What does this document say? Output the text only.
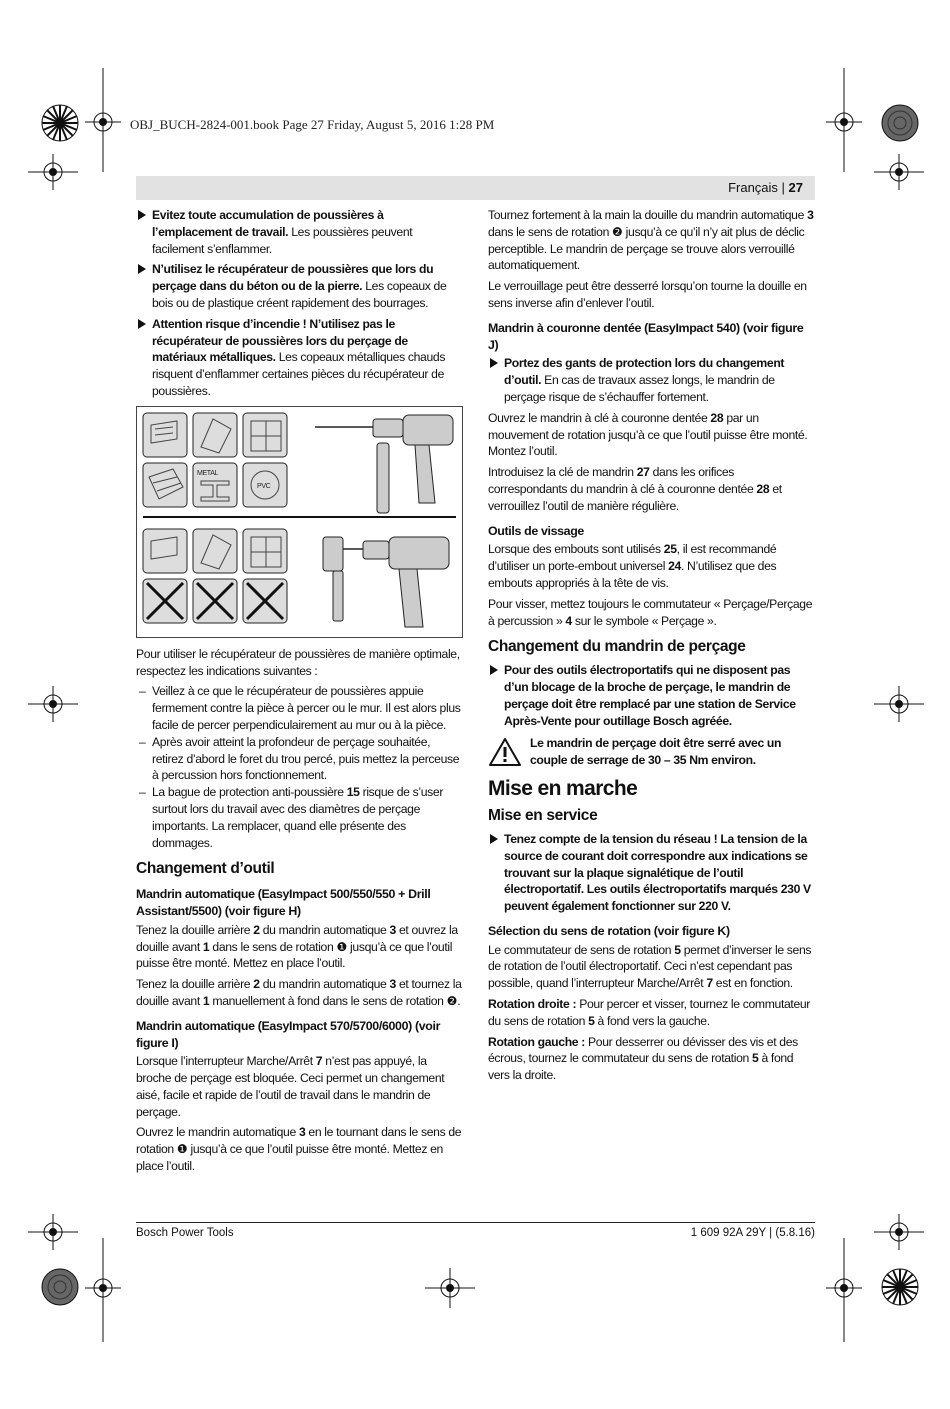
OBJ_BUCH-2824-001.book Page 27 Friday, August 5, 2016 1:28 PM
Français | 27
Evitez toute accumulation de poussières à l’emplacement de travail. Les poussières peuvent facilement s’enflammer.
N’utilisez le récupérateur de poussières que lors du perçage dans du béton ou de la pierre. Les copeaux de bois ou de plastique créent rapidement des bourrages.
Attention risque d’incendie ! N’utilisez pas le récupérateur de poussières lors du perçage de matériaux métalliques. Les copeaux métalliques chauds risquent d’enflammer certaines pièces du récupérateur de poussières.
METAL
PVC

Pour utiliser le récupérateur de poussières de manière optimale, respectez les indications suivantes :

– Veillez à ce que le récupérateur de poussières appuie fermement contre la pièce à percer ou le mur. Il est alors plus facile de percer perpendiculairement au mur ou à la pièce.
– Après avoir atteint la profondeur de perçage souhaitée, retirez d’abord le foret du trou percé, puis mettez la perceuse à percussion hors fonctionnement.
– La bague de protection anti-poussière 15 risque de s’user surtout lors du travail avec des diamètres de perçage importants. La remplacer, quand elle présente des dommages.
Changement d’outil
Mandrin automatique (EasyImpact 500/550/550 + Drill Assistant/5500) (voir figure H)

Tenez la douille arrière 2 du mandrin automatique 3 et ouvrez la douille avant 1 dans le sens de rotation ❶ jusqu’à ce que l’outil puisse être monté. Mettez en place l’outil.

Tenez la douille arrière 2 du mandrin automatique 3 et tournez la douille avant 1 manuellement à fond dans le sens de rotation ❷.

Mandrin automatique (EasyImpact 570/5700/6000) (voir figure I)

Lorsque l’interrupteur Marche/Arrêt 7 n’est pas appuyé, la broche de perçage est bloquée. Ceci permet un changement aisé, facile et rapide de l’outil de travail dans le mandrin de perçage.

Ouvrez le mandrin automatique 3 en le tournant dans le sens de rotation ❶ jusqu’à ce que l’outil puisse être monté. Mettez en place l’outil.

Tournez fortement à la main la douille du mandrin automatique 3 dans le sens de rotation ❷ jusqu’à ce qu’il n’y ait plus de déclic perceptible. Le mandrin de perçage se trouve alors verrouillé automatiquement.

Le verrouillage peut être desserré lorsqu’on tourne la douille en sens inverse afin d’enlever l’outil.

Mandrin à couronne dentée (EasyImpact 540) (voir figure J)
Portez des gants de protection lors du changement d’outil. En cas de travaux assez longs, le mandrin de perçage risque de s’échauffer fortement.

Ouvrez le mandrin à clé à couronne dentée 28 par un mouvement de rotation jusqu’à ce que l’outil puisse être monté. Montez l’outil.

Introduisez la clé de mandrin 27 dans les orifices correspondants du mandrin à clé à couronne dentée 28 et verrouillez l’outil de manière régulière.

Outils de vissage

Lorsque des embouts sont utilisés 25, il est recommandé d’utiliser un porte-embout universel 24. N’utilisez que des embouts appropriés à la tête de vis.

Pour visser, mettez toujours le commutateur « Perçage/Perçage à percussion » 4 sur le symbole « Perçage ».

Changement du mandrin de perçage
Pour des outils électroportatifs qui ne disposent pas d’un blocage de la broche de perçage, le mandrin de perçage doit être remplacé par une station de Service Après-Vente pour outillage Bosch agréée.
Le mandrin de perçage doit être serré avec un couple de serrage de 30 – 35 Nm environ.
Mise en marche
Mise en service
Tenez compte de la tension du réseau ! La tension de la source de courant doit correspondre aux indications se trouvant sur la plaque signalétique de l’outil électroportatif. Les outils électroportatifs marqués 230 V peuvent également fonctionner sur 220 V.
Sélection du sens de rotation (voir figure K)

Le commutateur de sens de rotation 5 permet d’inverser le sens de rotation de l’outil électroportatif. Ceci n’est cependant pas possible, quand l’interrupteur Marche/Arrêt 7 est en fonction.

Rotation droite : Pour percer et visser, tournez le commutateur du sens de rotation 5 à fond vers la gauche.

Rotation gauche : Pour desserrer ou dévisser des vis et des écrous, tournez le commutateur du sens de rotation 5 à fond vers la droite.

Bosch Power Tools	1 609 92A 29Y | (5.8.16)
